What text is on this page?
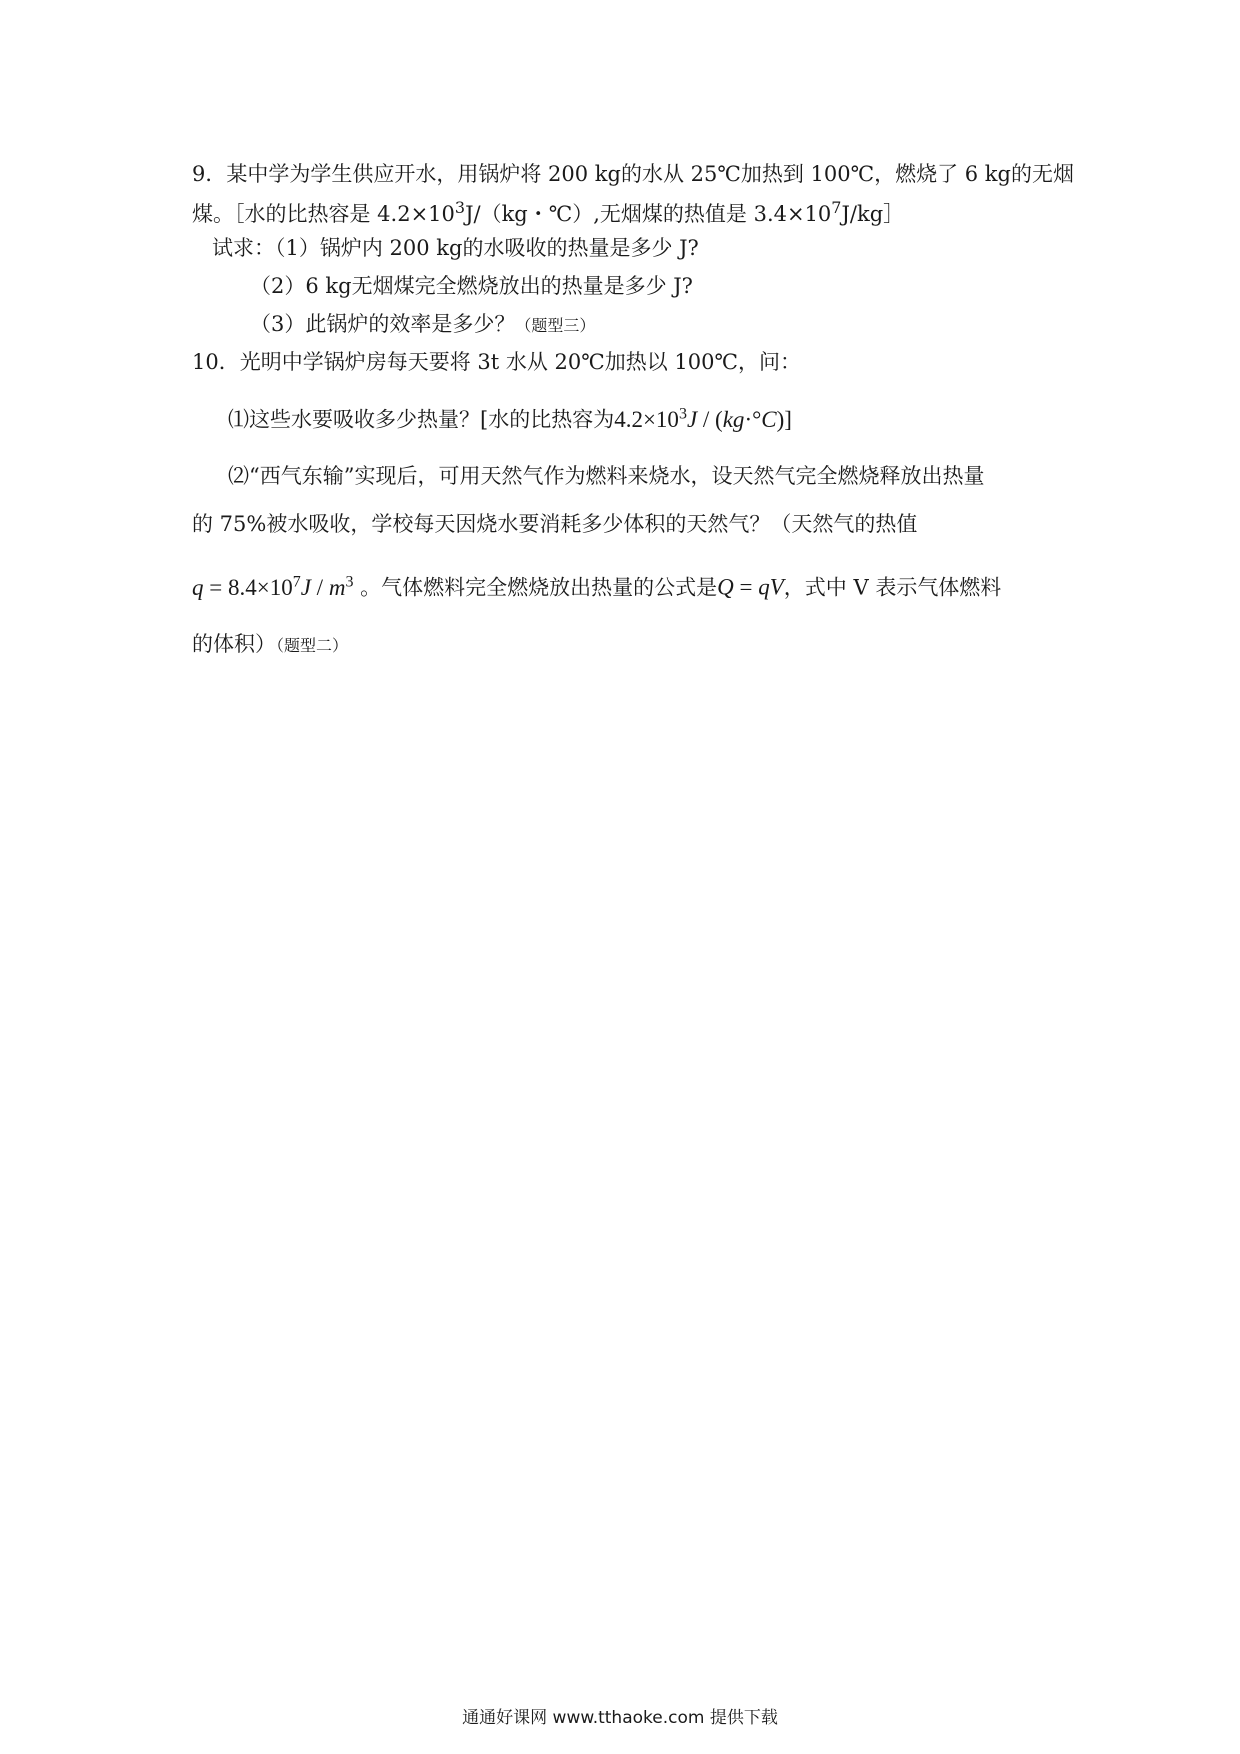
9．某中学为学生供应开水，用锅炉将 200 kg的水从 25℃加热到 100℃，燃烧了 6 kg的无烟
煤。［水的比热容是 $4.2\times 10^3J/(kg$・℃）,无烟煤的热值是 $3.4\times 10^7J/kg]$
试求：（1）锅炉内 200 kg的水吸收的热量是多少 J?
（2）6 kg无烟煤完全燃烧放出的热量是多少 J?
（3）此锅炉的效率是多少？（题型三）
10．光明中学锅炉房每天要将 3t 水从 20℃加热以 100℃，问：
⑴这些水要吸收多少热量？[水的比热容为$4.2\times 10^3J / (kg\cdot^\circ C)$]
⑵“西气东输”实现后，可用天然气作为燃料来烧水，设天然气完全燃烧释放出热量
的 75%被水吸收，学校每天因烧水要消耗多少体积的天然气？（天然气的热值
$q = 8.4\times 10^7J / m^3$ 。气体燃料完全燃烧放出热量的公式是Q = qV，式中 V 表示气体燃料
的体积）（题型二）
通通好课网 www.tthaoke.com 提供下载
